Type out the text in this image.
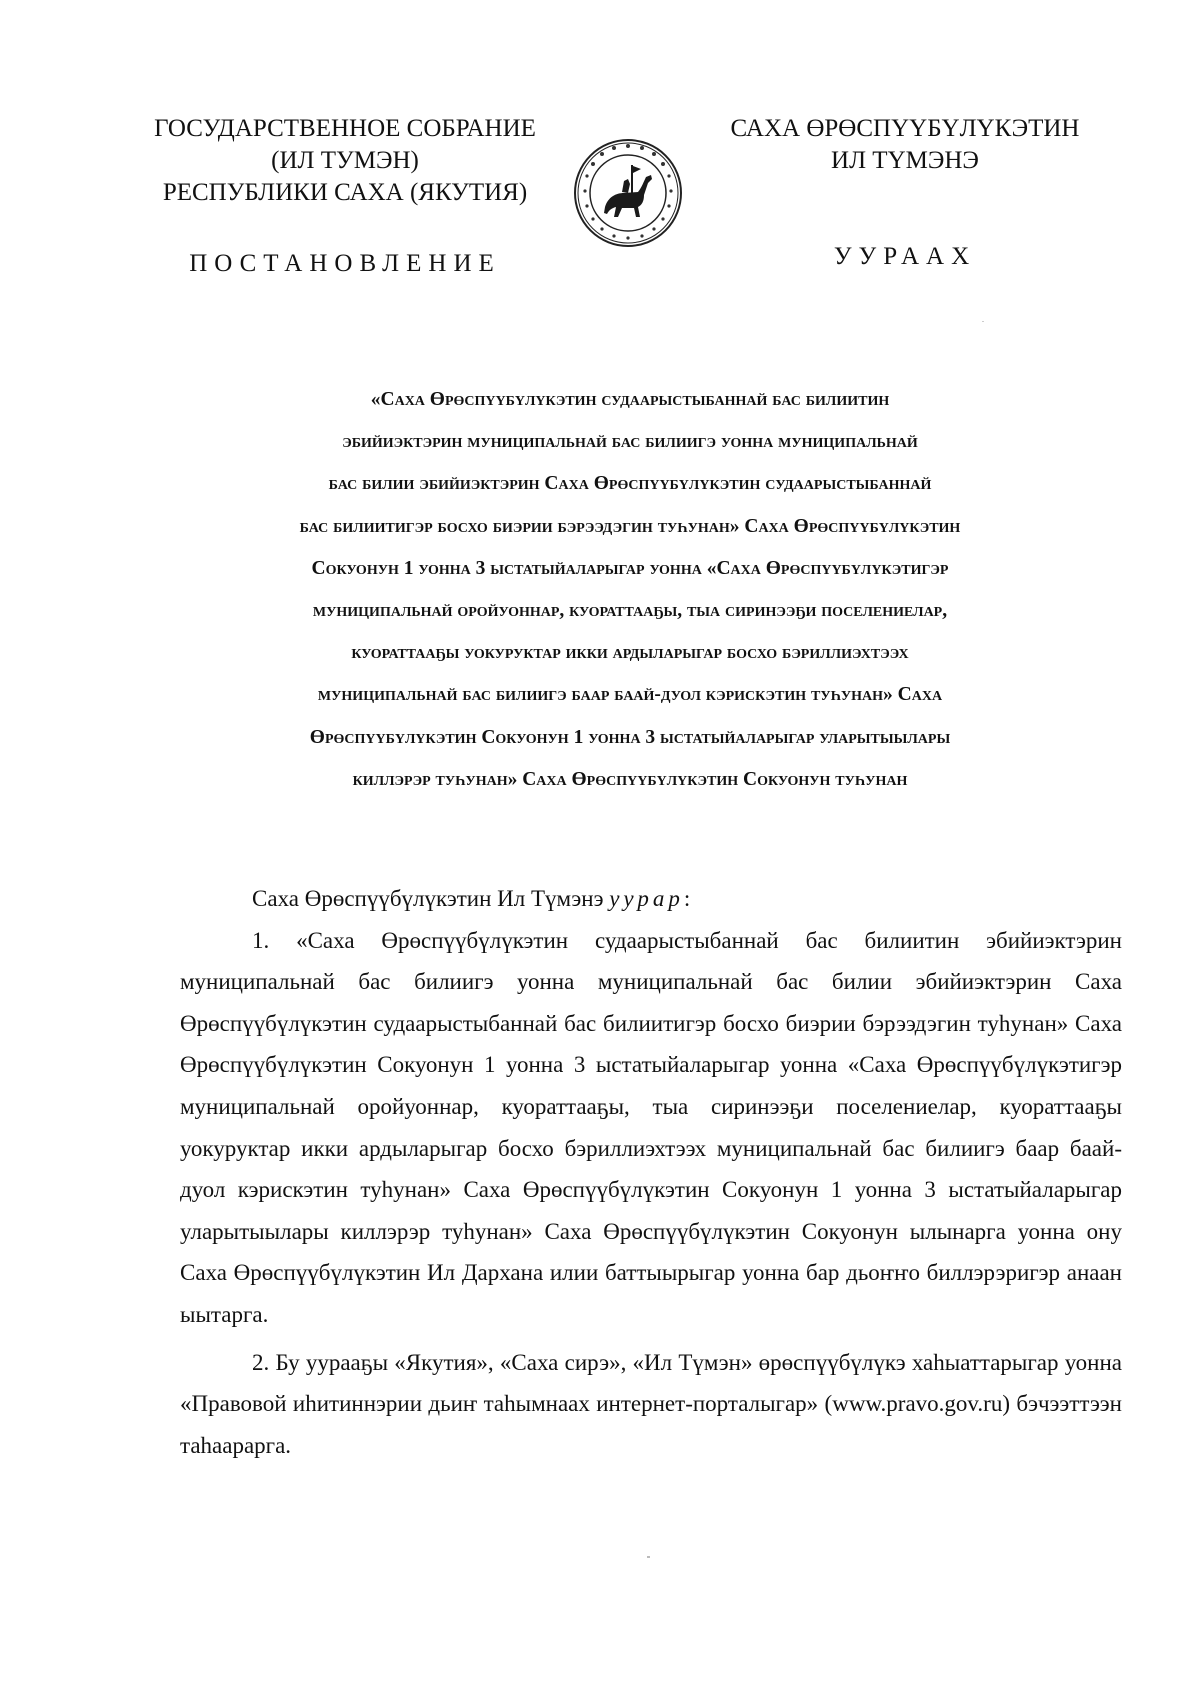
ГОСУДАРСТВЕННОЕ СОБРАНИЕ
(ИЛ ТУМЭН)
РЕСПУБЛИКИ САХА (ЯКУТИЯ)
САХА ӨРӨСПҮҮБҮЛҮКЭТИН
ИЛ ТҮМЭНЭ
ПОСТАНОВЛЕНИЕ	УУРААХ
«Саха Өрөспүүбүлүкэтин судаарыстыбаннай бас билиитин
эбийиэктэрин муниципальнай бас билиигэ уонна муниципальнай
бас билии эбийиэктэрин Саха Өрөспүүбүлүкэтин судаарыстыбаннай
бас билиитигэр босхо биэрии бэрээдэгин туһунан» Саха Өрөспүүбүлүкэтин
Сокуонун 1 уонна 3 ыстатыйаларыгар уонна «Саха Өрөспүүбүлүкэтигэр
муниципальнай оройуоннар, куораттааҕы, тыа сиринээҕи поселениелар,
куораттааҕы уокуруктар икки ардыларыгар босхо бэриллиэхтээх
муниципальнай бас билиигэ баар баай-дуол кэрискэтин туһунан» Саха
Өрөспүүбүлүкэтин Сокуонун 1 уонна 3 ыстатыйаларыгар уларытыылары
киллэрэр туһунан» Саха Өрөспүүбүлүкэтин Сокуонун туһунан

Саха Өрөспүүбүлүкэтин Ил Түмэнэ уурар:

1. «Саха Өрөспүүбүлүкэтин судаарыстыбаннай бас билиитин эбийиэктэрин муниципальнай бас билиигэ уонна муниципальнай бас билии эбийиэктэрин Саха Өрөспүүбүлүкэтин судаарыстыбаннай бас билиитигэр босхо биэрии бэрээдэгин туһунан» Саха Өрөспүүбүлүкэтин Сокуонун 1 уонна 3 ыстатыйаларыгар уонна «Саха Өрөспүүбүлүкэтигэр муниципальнай оройуоннар, куораттааҕы, тыа сиринээҕи поселениелар, куораттааҕы уокуруктар икки ардыларыгар босхо бэриллиэхтээх муниципальнай бас билиигэ баар баай-дуол кэрискэтин туһунан» Саха Өрөспүүбүлүкэтин Сокуонун 1 уонна 3 ыстатыйаларыгар уларытыылары киллэрэр туһунан» Саха Өрөспүүбүлүкэтин Сокуонун ылынарга уонна ону Саха Өрөспүүбүлүкэтин Ил Дархана илии баттыырыгар уонна бар дьоҥҥо биллэрэригэр анаан ыытарга.

2. Бу уурааҕы «Якутия», «Саха сирэ», «Ил Түмэн» өрөспүүбүлүкэ хаһыаттарыгар уонна «Правовой иһитиннэрии дьиҥ таһымнаах интернет-порталыгар» (www.pravo.gov.ru) бэчээттээн таһаарарга.
